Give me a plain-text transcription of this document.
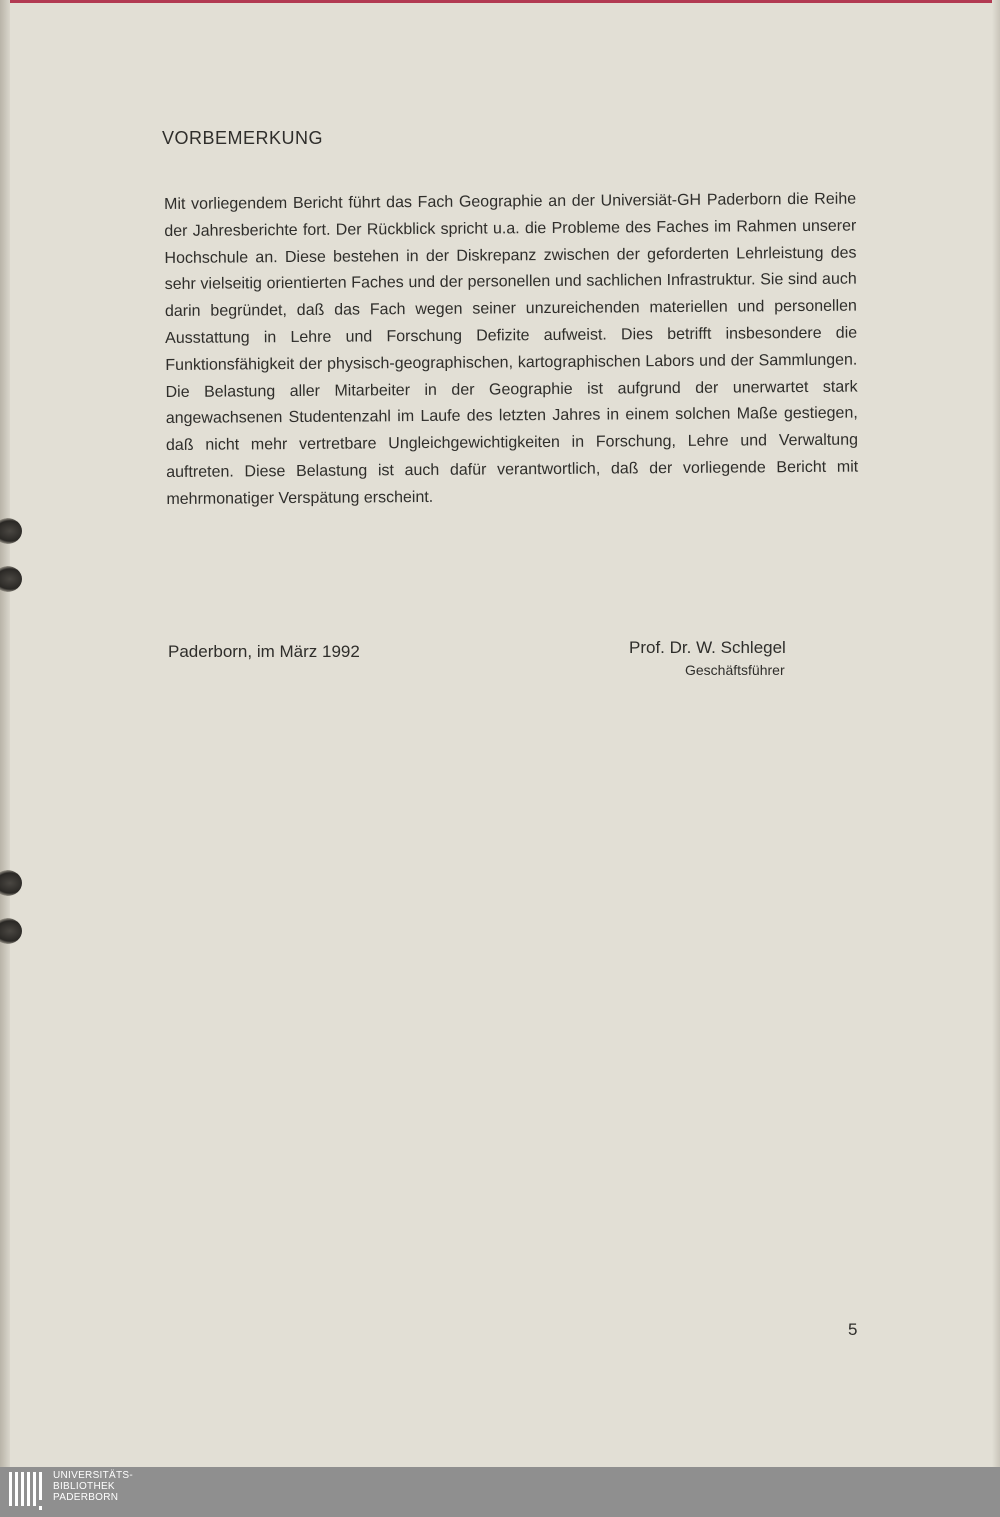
VORBEMERKUNG
Mit vorliegendem Bericht führt das Fach Geographie an der Universiät-GH Paderborn die Reihe der Jahresberichte fort. Der Rückblick spricht u.a. die Probleme des Faches im Rahmen unserer Hochschule an. Diese bestehen in der Diskrepanz zwischen der geforderten Lehrleistung des sehr vielseitig orientierten Faches und der personellen und sachlichen Infrastruktur. Sie sind auch darin begründet, daß das Fach wegen seiner unzureichenden materiellen und personellen Ausstattung in Lehre und Forschung Defizite aufweist. Dies betrifft insbesondere die Funktionsfähigkeit der physisch-geographischen, kartographischen Labors und der Sammlungen. Die Belastung aller Mitarbeiter in der Geographie ist aufgrund der unerwartet stark angewachsenen Studentenzahl im Laufe des letzten Jahres in einem solchen Maße gestiegen, daß nicht mehr vertretbare Ungleichgewichtigkeiten in Forschung, Lehre und Verwaltung auftreten. Diese Belastung ist auch dafür verantwortlich, daß der vorliegende Bericht mit mehrmonatiger Verspätung erscheint.
Paderborn, im März 1992	Prof. Dr. W. Schlegel
Geschäftsführer
5
UNIVERSITÄTS-
BIBLIOTHEK
PADERBORN
